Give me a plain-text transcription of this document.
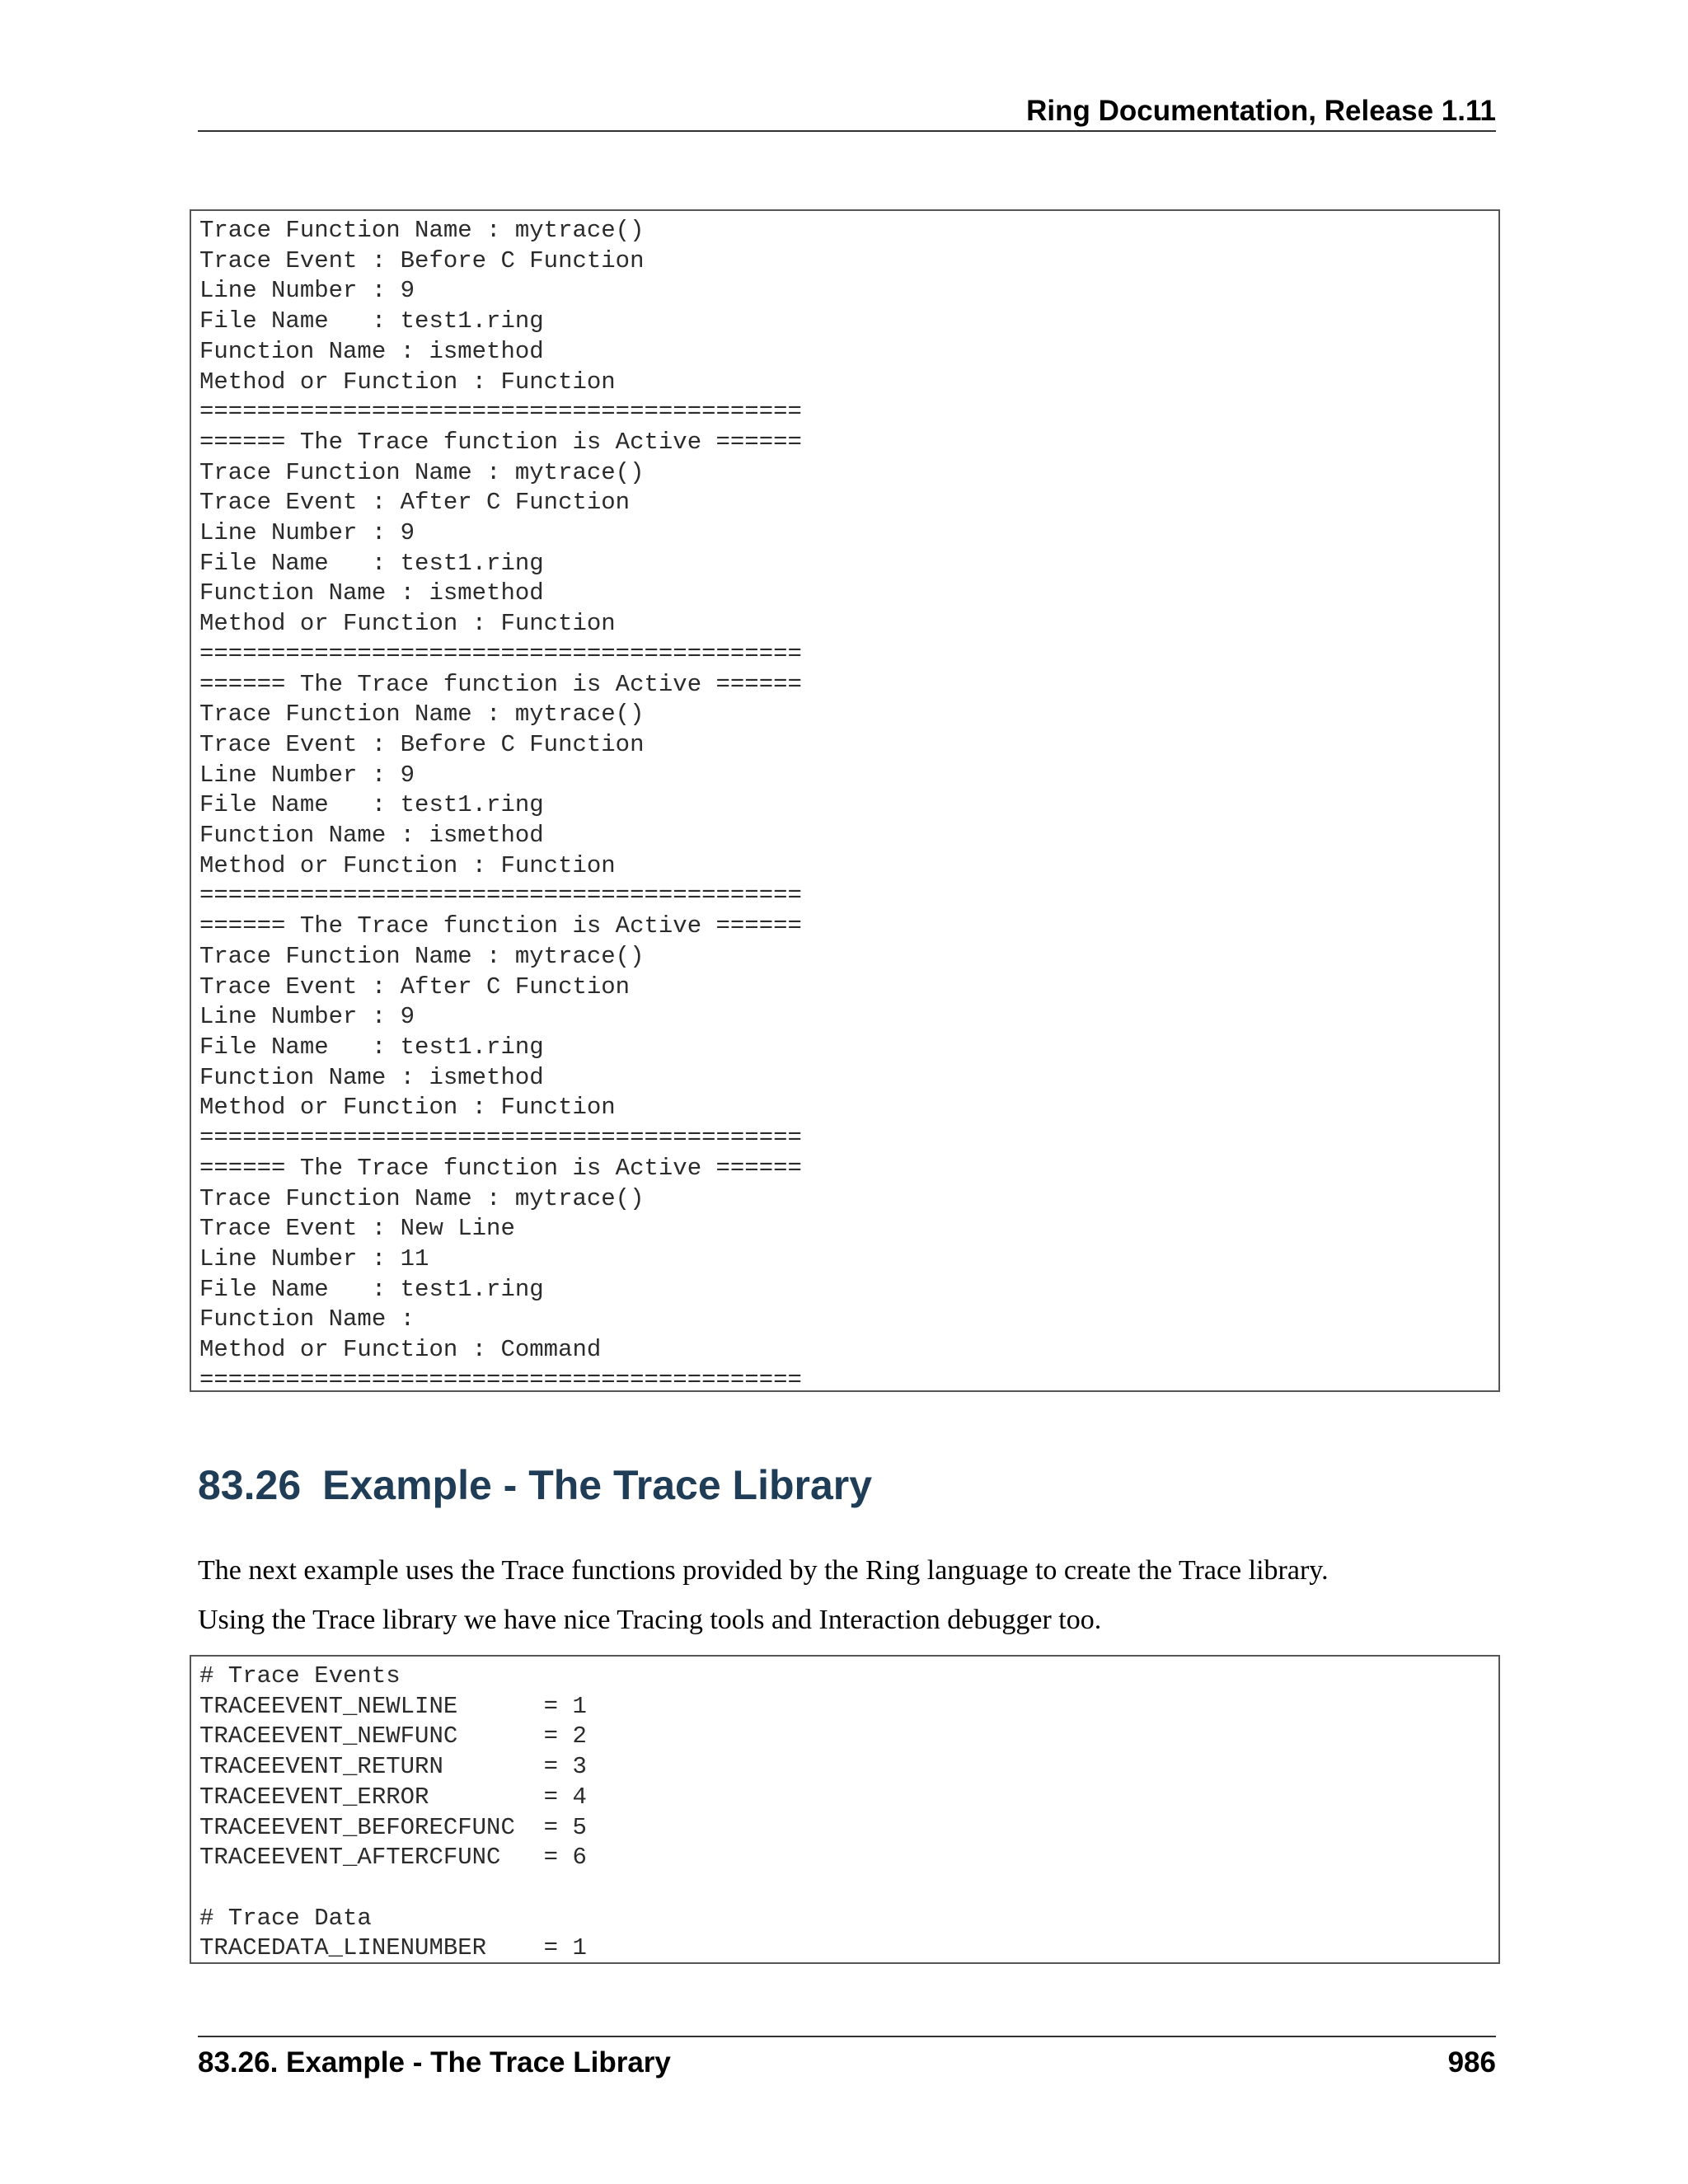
Ring Documentation, Release 1.11
Trace Function Name : mytrace()
Trace Event : Before C Function
Line Number : 9
File Name   : test1.ring
Function Name : ismethod
Method or Function : Function
==========================================
====== The Trace function is Active ======
Trace Function Name : mytrace()
Trace Event : After C Function
Line Number : 9
File Name   : test1.ring
Function Name : ismethod
Method or Function : Function
==========================================
====== The Trace function is Active ======
Trace Function Name : mytrace()
Trace Event : Before C Function
Line Number : 9
File Name   : test1.ring
Function Name : ismethod
Method or Function : Function
==========================================
====== The Trace function is Active ======
Trace Function Name : mytrace()
Trace Event : After C Function
Line Number : 9
File Name   : test1.ring
Function Name : ismethod
Method or Function : Function
==========================================
====== The Trace function is Active ======
Trace Function Name : mytrace()
Trace Event : New Line
Line Number : 11
File Name   : test1.ring
Function Name :
Method or Function : Command
==========================================
83.26 Example - The Trace Library

The next example uses the Trace functions provided by the Ring language to create the Trace library.

Using the Trace library we have nice Tracing tools and Interaction debugger too.

# Trace Events
TRACEEVENT_NEWLINE      = 1
TRACEEVENT_NEWFUNC      = 2
TRACEEVENT_RETURN       = 3
TRACEEVENT_ERROR        = 4
TRACEEVENT_BEFORECFUNC  = 5
TRACEEVENT_AFTERCFUNC   = 6

# Trace Data
TRACEDATA_LINENUMBER    = 1
83.26. Example - The Trace Library	986
